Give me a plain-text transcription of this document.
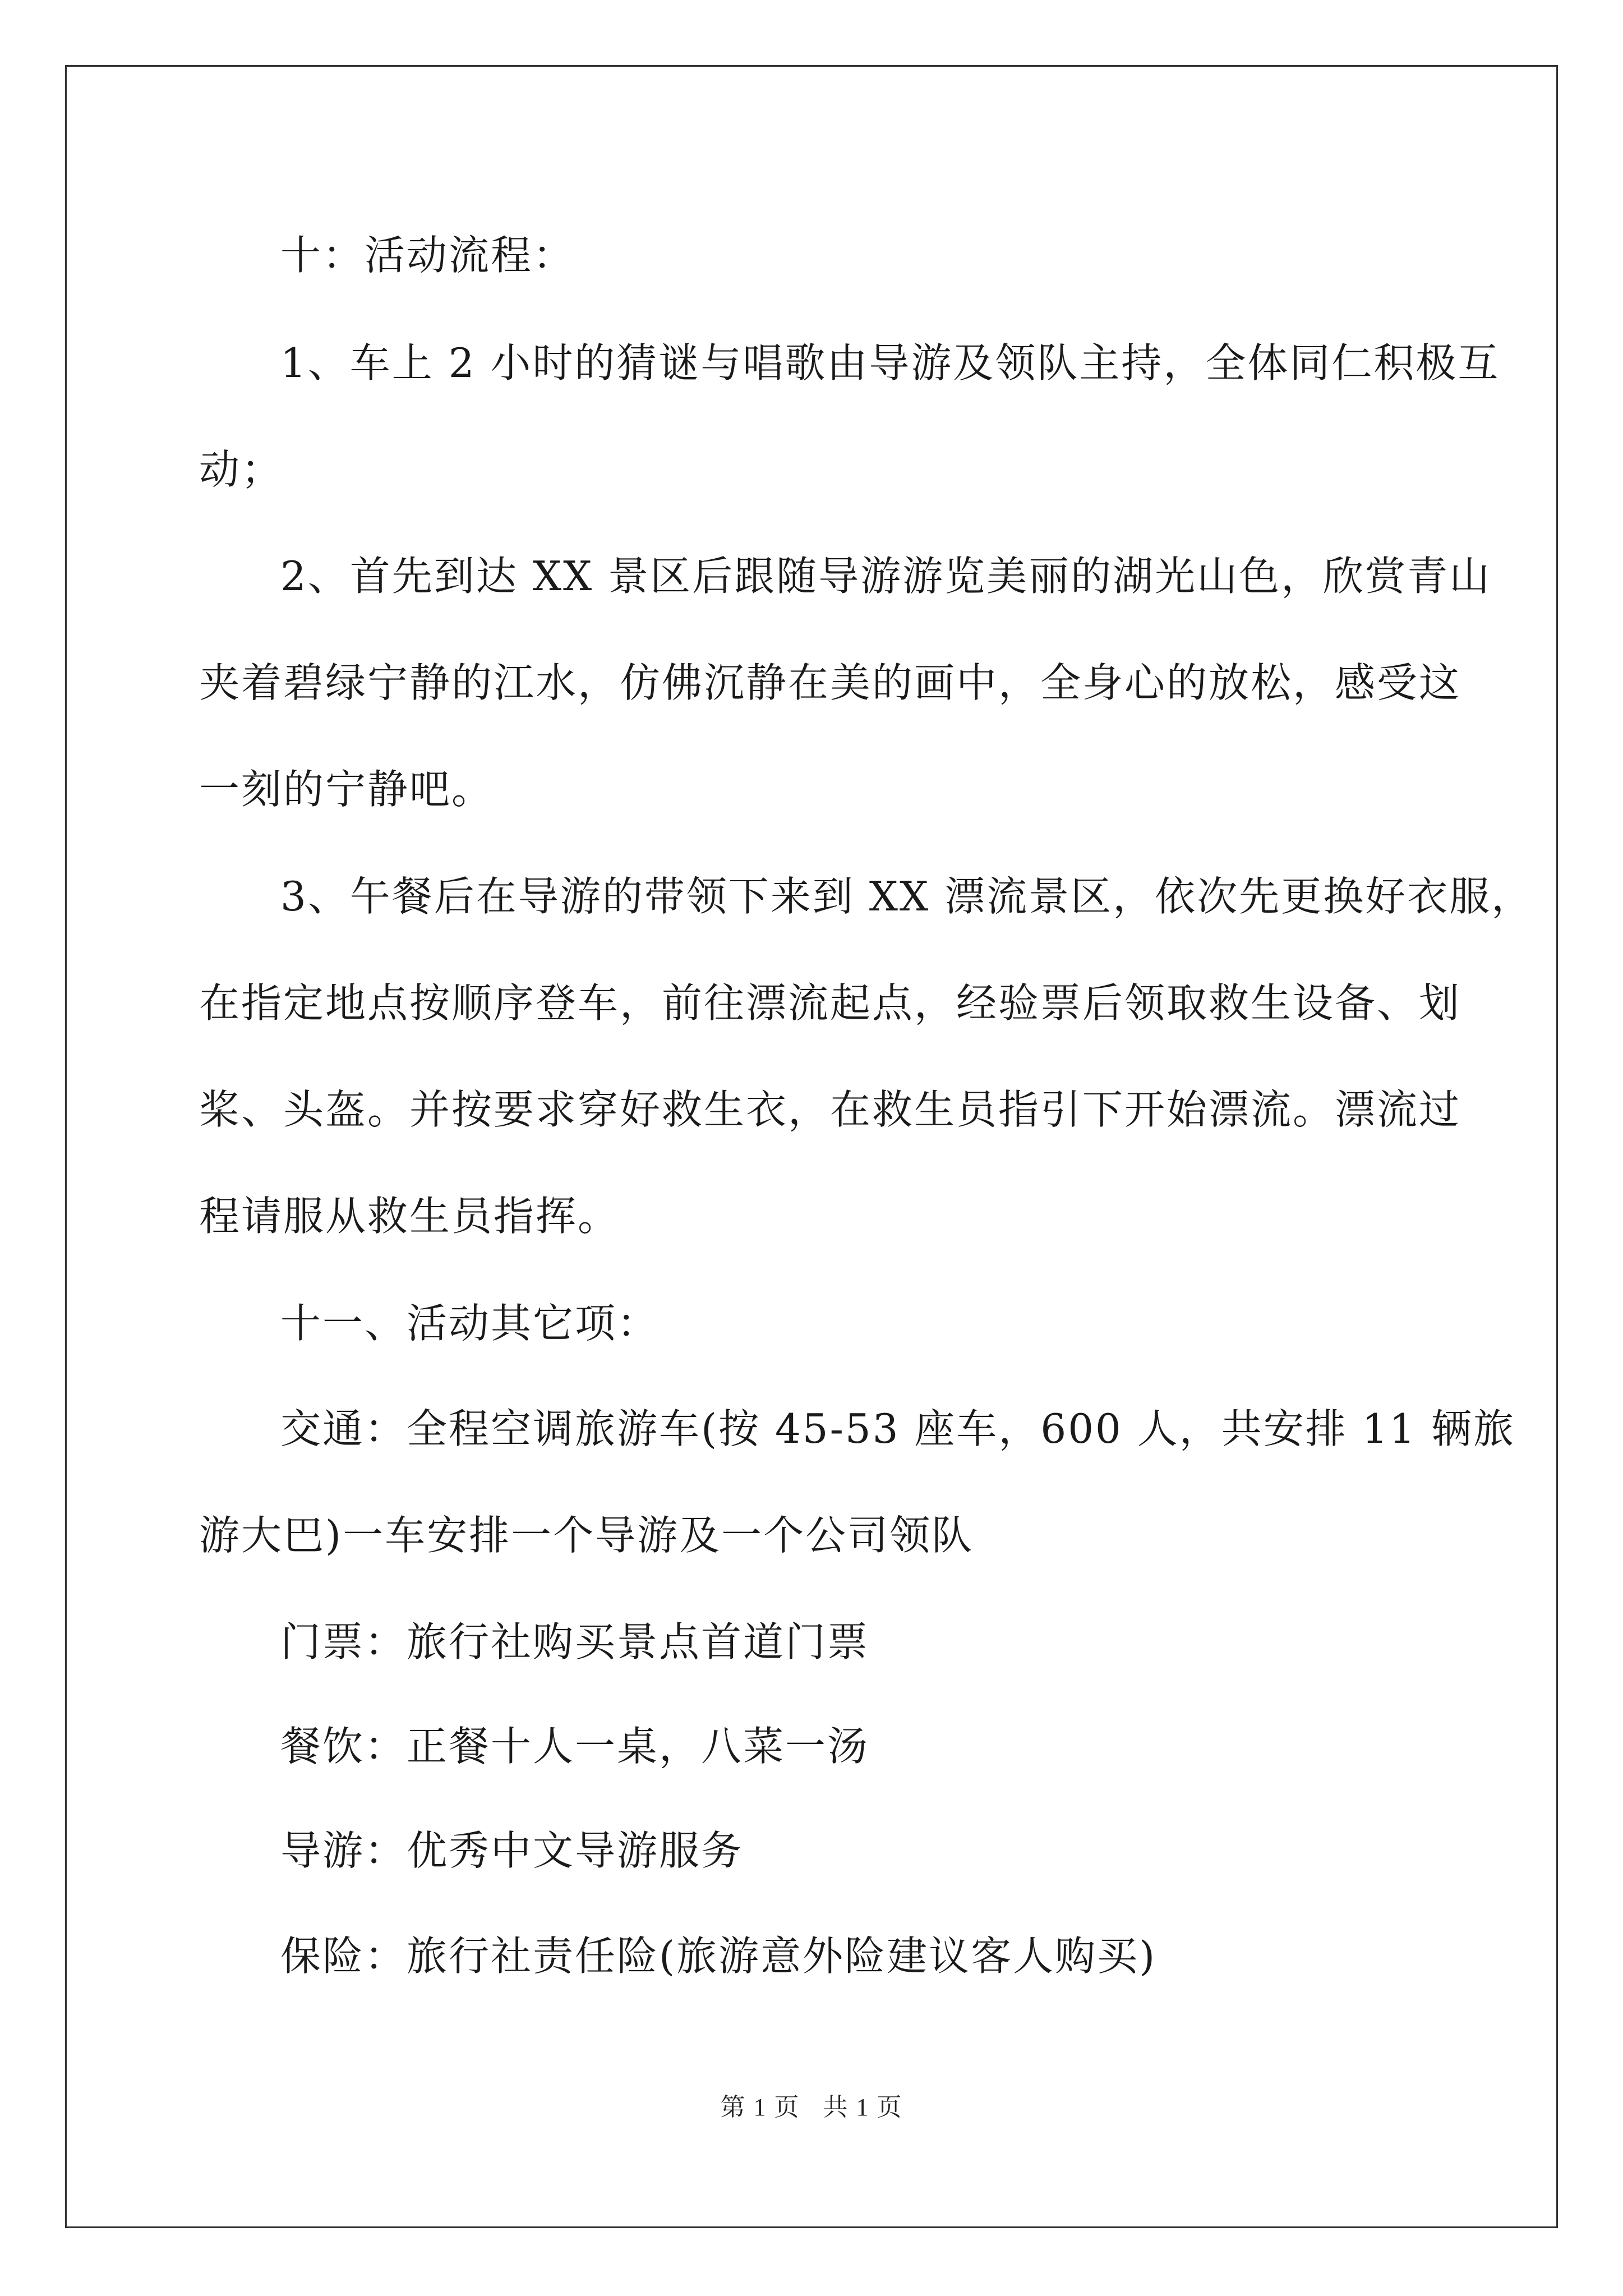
十：活动流程：

1、车上 2 小时的猜谜与唱歌由导游及领队主持，全体同仁积极互
动；

2、首先到达 XX 景区后跟随导游游览美丽的湖光山色，欣赏青山
夹着碧绿宁静的江水，仿佛沉静在美的画中，全身心的放松，感受这
一刻的宁静吧。

3、午餐后在导游的带领下来到 XX 漂流景区，依次先更换好衣服，
在指定地点按顺序登车，前往漂流起点，经验票后领取救生设备、划
桨、头盔。并按要求穿好救生衣，在救生员指引下开始漂流。漂流过
程请服从救生员指挥。

十一、活动其它项：

交通：全程空调旅游车(按 45-53 座车，600 人，共安排 11 辆旅
游大巴)一车安排一个导游及一个公司领队

门票：旅行社购买景点首道门票

餐饮：正餐十人一桌，八菜一汤

导游：优秀中文导游服务

保险：旅行社责任险(旅游意外险建议客人购买)

第 1 页 共 1 页
